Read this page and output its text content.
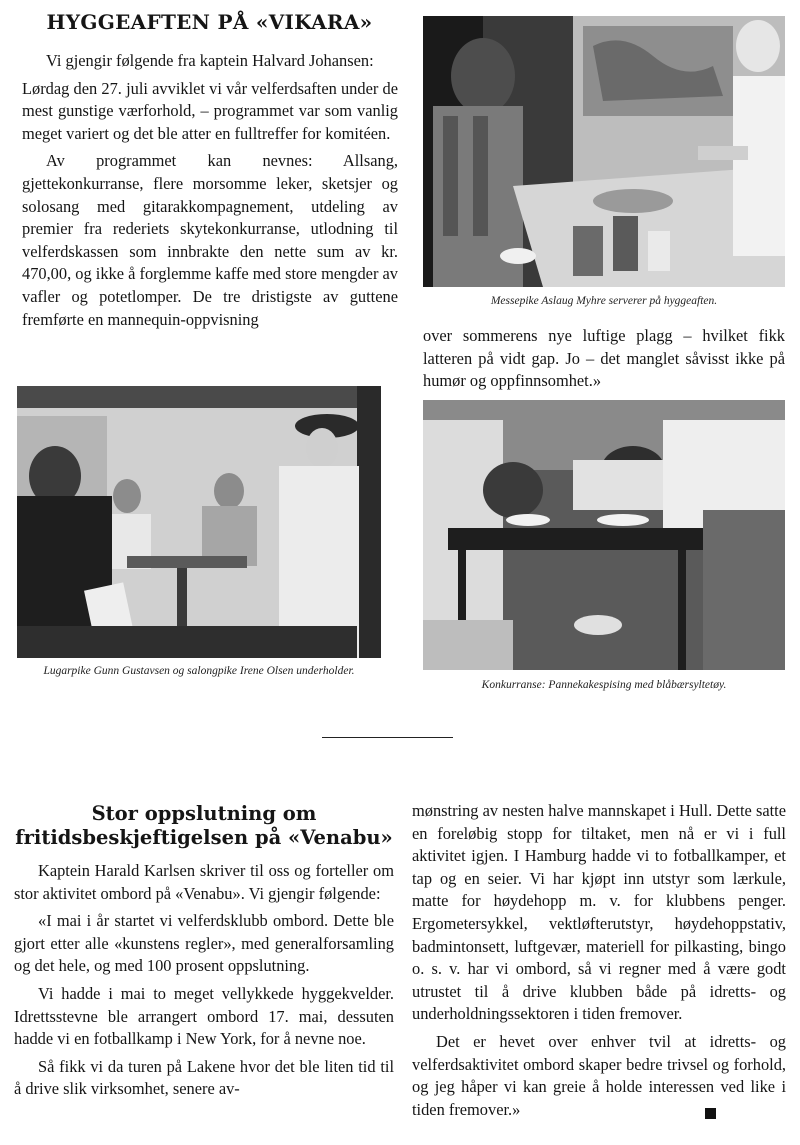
HYGGEAFTEN PÅ «VIKARA»

Vi gjengir følgende fra kaptein Halvard Johansen:

Lørdag den 27. juli avviklet vi vår velferdsaften under de mest gunstige værforhold, – programmet var som vanlig meget variert og det ble atter en fulltreffer for komitéen.

Av programmet kan nevnes: Allsang, gjettekonkurranse, flere morsomme leker, sketsjer og solosang med gitarakkompagnement, utdeling av premier fra rederiets skytekonkurranse, utlodning til velferdskassen som innbrakte den nette sum av kr. 470,00, og ikke å forglemme kaffe med store mengder av vafler og potetlomper. De tre dristigste av guttene fremførte en mannequin-oppvisning

Messepike Aslaug Myhre serverer på hyggeaften.

over sommerens nye luftige plagg – hvilket fikk latteren på vidt gap. Jo – det manglet såvisst ikke på humør og oppfinnsomhet.»

Lugarpike Gunn Gustavsen og salongpike Irene Olsen underholder.
Konkurranse: Pannekakespising med blåbærsyltetøy.
Stor oppslutning om fritidsbeskjeftigelsen på «Venabu»

Kaptein Harald Karlsen skriver til oss og forteller om stor aktivitet ombord på «Venabu». Vi gjengir følgende:

«I mai i år startet vi velferdsklubb ombord. Dette ble gjort etter alle «kunstens regler», med generalforsamling og det hele, og med 100 prosent oppslutning.

Vi hadde i mai to meget vellykkede hyggekvelder. Idrettsstevne ble arrangert ombord 17. mai, dessuten hadde vi en fotballkamp i New York, for å nevne noe.

Så fikk vi da turen på Lakene hvor det ble liten tid til å drive slik virksomhet, senere av-

mønstring av nesten halve mannskapet i Hull. Dette satte en foreløbig stopp for tiltaket, men nå er vi i full aktivitet igjen. I Hamburg hadde vi to fotballkamper, et tap og en seier. Vi har kjøpt inn utstyr som lærkule, matte for høydehopp m. v. for klubbens penger. Ergometersykkel, vektløfterutstyr, høydehoppstativ, badmintonsett, luftgevær, materiell for pilkasting, bingo o. s. v. har vi ombord, så vi regner med å være godt utrustet til å drive klubben både på idretts- og underholdningssektoren i tiden fremover.

Det er hevet over enhver tvil at idretts- og velferdsaktivitet ombord skaper bedre trivsel og forhold, og jeg håper vi kan greie å holde interessen ved like i tiden fremover.»
